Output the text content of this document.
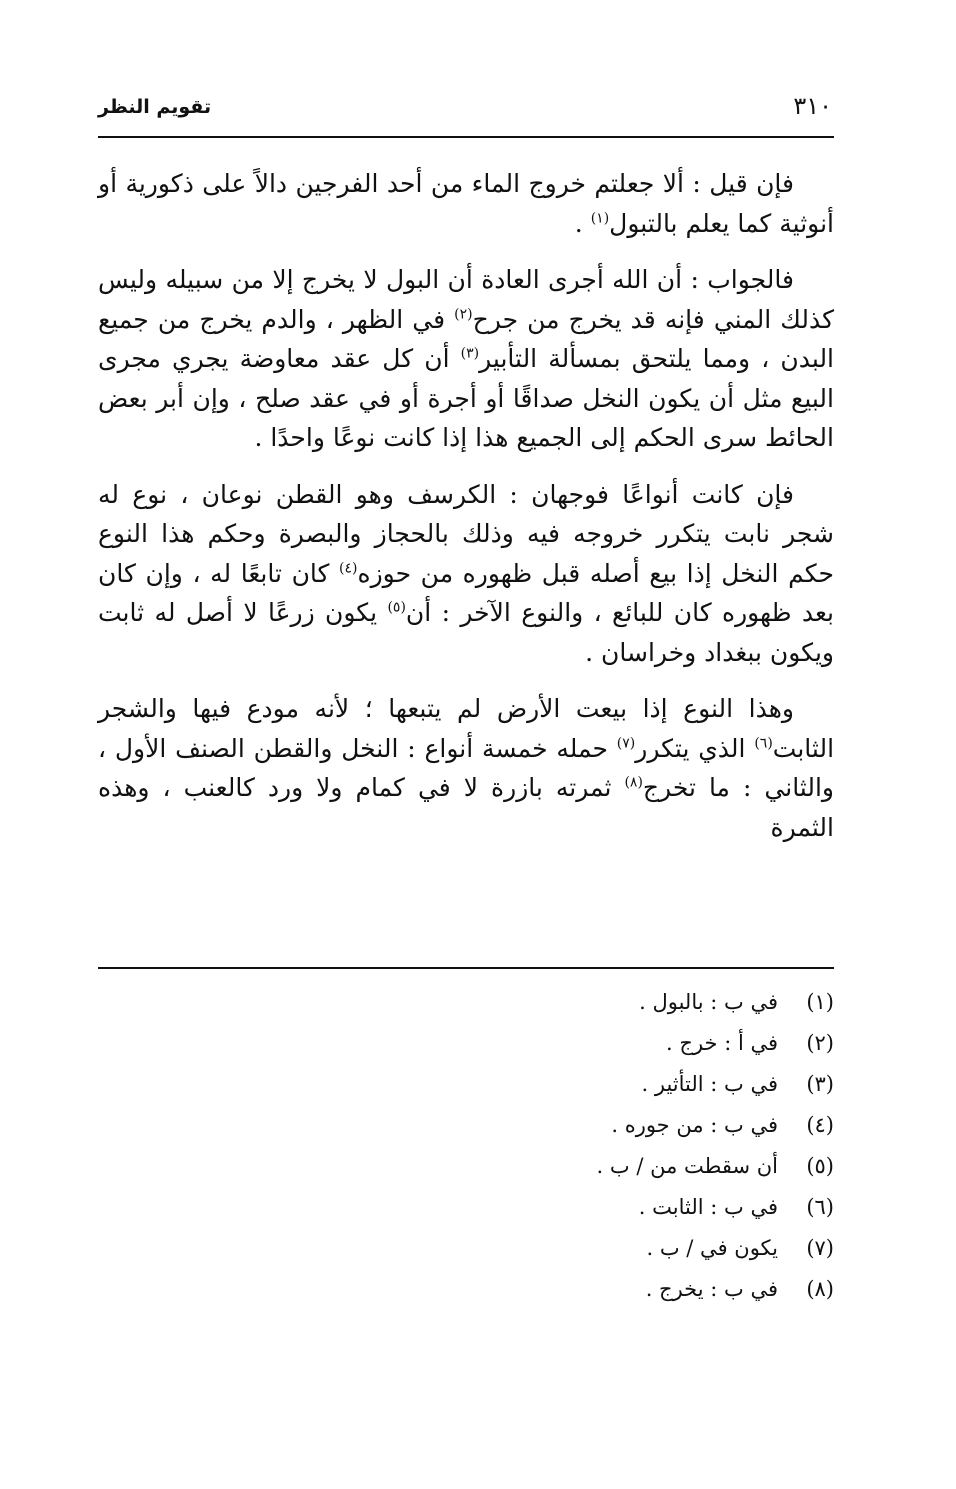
تقويم النظر	٣١٠

فإن قيل : ألا جعلتم خروج الماء من أحد الفرجين دالاً على ذكورية أو أنوثية كما يعلم بالتبول$^{(١)}$ .

فالجواب : أن الله أجرى العادة أن البول لا يخرج إلا من سبيله وليس كذلك المني فإنه قد يخرج من جرح$^{(٢)}$ في الظهر ، والدم يخرج من جميع البدن ، ومما يلتحق بمسألة التأبير$^{(٣)}$ أن كل عقد معاوضة يجري مجرى البيع مثل أن يكون النخل صداقًا أو أجرة أو في عقد صلح ، وإن أبر بعض الحائط سرى الحكم إلى الجميع هذا إذا كانت نوعًا واحدًا .

فإن كانت أنواعًا فوجهان : الكرسف وهو القطن نوعان ، نوع له شجر نابت يتكرر خروجه فيه وذلك بالحجاز والبصرة وحكم هذا النوع حكم النخل إذا بيع أصله قبل ظهوره من حوزه$^{(٤)}$ كان تابعًا له ، وإن كان بعد ظهوره كان للبائع ، والنوع الآخر : أن$^{(٥)}$ يكون زرعًا لا أصل له ثابت ويكون ببغداد وخراسان .

وهذا النوع إذا بيعت الأرض لم يتبعها ؛ لأنه مودع فيها والشجر الثابت$^{(٦)}$ الذي يتكرر$^{(٧)}$ حمله خمسة أنواع : النخل والقطن الصنف الأول ، والثاني : ما تخرج$^{(٨)}$ ثمرته بازرة لا في كمام ولا ورد كالعنب ، وهذه الثمرة

(١)
في ب : بالبول .
(٢)
في أ : خرج .
(٣)
في ب : التأثير .
(٤)
في ب : من جوره .
(٥)
أن سقطت من / ب .
(٦)
في ب : الثابت .
(٧)
يكون في / ب .
(٨)
في ب : يخرج .
